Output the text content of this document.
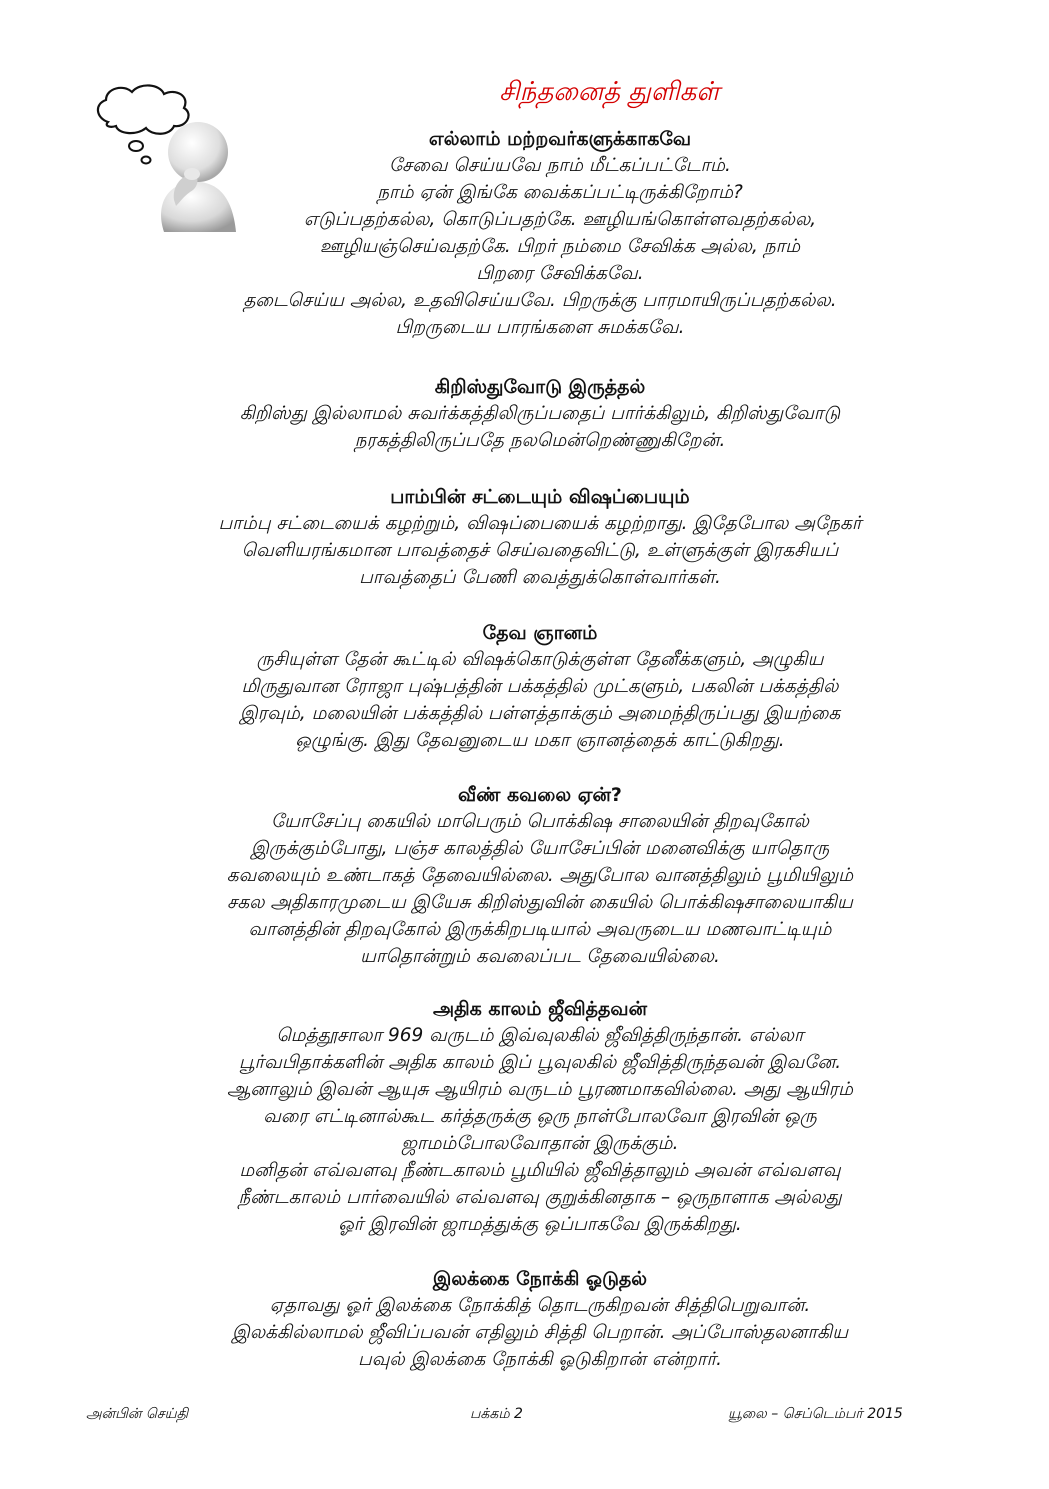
சிந்தனைத் துளிகள்
எல்லாம் மற்றவர்களுக்காகவே

சேவை செய்யவே நாம் மீட்கப்பட்டோம்.
நாம் ஏன் இங்கே வைக்கப்பட்டிருக்கிறோம்?
எடுப்பதற்கல்ல, கொடுப்பதற்கே. ஊழியங்கொள்ளவதற்கல்ல,
ஊழியஞ்செய்வதற்கே. பிறர் நம்மை சேவிக்க அல்ல, நாம்
பிறரை சேவிக்கவே.
தடைசெய்ய அல்ல, உதவிசெய்யவே. பிறருக்கு பாரமாயிருப்பதற்கல்ல.
பிறருடைய பாரங்களை சுமக்கவே.

கிறிஸ்துவோடு இருத்தல்

கிறிஸ்து இல்லாமல் சுவர்க்கத்திலிருப்பதைப் பார்க்கிலும், கிறிஸ்துவோடு
நரகத்திலிருப்பதே நலமென்றெண்ணுகிறேன்.

பாம்பின் சட்டையும் விஷப்பையும்

பாம்பு சட்டையைக் கழற்றும், விஷப்பையைக் கழற்றாது. இதேபோல அநேகர்
வெளியரங்கமான பாவத்தைச் செய்வதைவிட்டு, உள்ளுக்குள் இரகசியப்
பாவத்தைப் பேணி வைத்துக்கொள்வார்கள்.

தேவ ஞானம்

ருசியுள்ள தேன் கூட்டில் விஷக்கொடுக்குள்ள தேனீக்களும், அழுகிய
மிருதுவான ரோஜா புஷ்பத்தின் பக்கத்தில் முட்களும், பகலின் பக்கத்தில்
இரவும், மலையின் பக்கத்தில் பள்ளத்தாக்கும் அமைந்திருப்பது இயற்கை
ஒழுங்கு. இது தேவனுடைய மகா ஞானத்தைக் காட்டுகிறது.

வீண் கவலை ஏன்?

யோசேப்பு கையில் மாபெரும் பொக்கிஷ சாலையின் திறவுகோல்
இருக்கும்போது, பஞ்ச காலத்தில் யோசேப்பின் மனைவிக்கு யாதொரு
கவலையும் உண்டாகத் தேவையில்லை. அதுபோல வானத்திலும் பூமியிலும்
சகல அதிகாரமுடைய இயேசு கிறிஸ்துவின் கையில் பொக்கிஷசாலையாகிய
வானத்தின் திறவுகோல் இருக்கிறபடியால் அவருடைய மணவாட்டியும்
யாதொன்றும் கவலைப்பட தேவையில்லை.

அதிக காலம் ஜீவித்தவன்

மெத்தூசாலா 969 வருடம் இவ்வுலகில் ஜீவித்திருந்தான். எல்லா
பூர்வபிதாக்களின் அதிக காலம் இப் பூவுலகில் ஜீவித்திருந்தவன் இவனே.
ஆனாலும் இவன் ஆயுசு ஆயிரம் வருடம் பூரணமாகவில்லை. அது ஆயிரம்
வரை எட்டினால்கூட கர்த்தருக்கு ஒரு நாள்போலவோ இரவின் ஒரு
ஜாமம்போலவோதான் இருக்கும்.
மனிதன் எவ்வளவு நீண்டகாலம் பூமியில் ஜீவித்தாலும் அவன் எவ்வளவு
நீண்டகாலம் பார்வையில் எவ்வளவு குறுக்கினதாக – ஒருநாளாக அல்லது
ஓர் இரவின் ஜாமத்துக்கு ஒப்பாகவே இருக்கிறது.

இலக்கை நோக்கி ஓடுதல்

ஏதாவது ஓர் இலக்கை நோக்கித் தொடருகிறவன் சித்திபெறுவான்.
இலக்கில்லாமல் ஜீவிப்பவன் எதிலும் சித்தி பெறான். அப்போஸ்தலனாகிய
பவுல் இலக்கை நோக்கி ஓடுகிறான் என்றார்.

அன்பின் செய்தி	பக்கம் 2	யூலை – செப்டெம்பர் 2015
